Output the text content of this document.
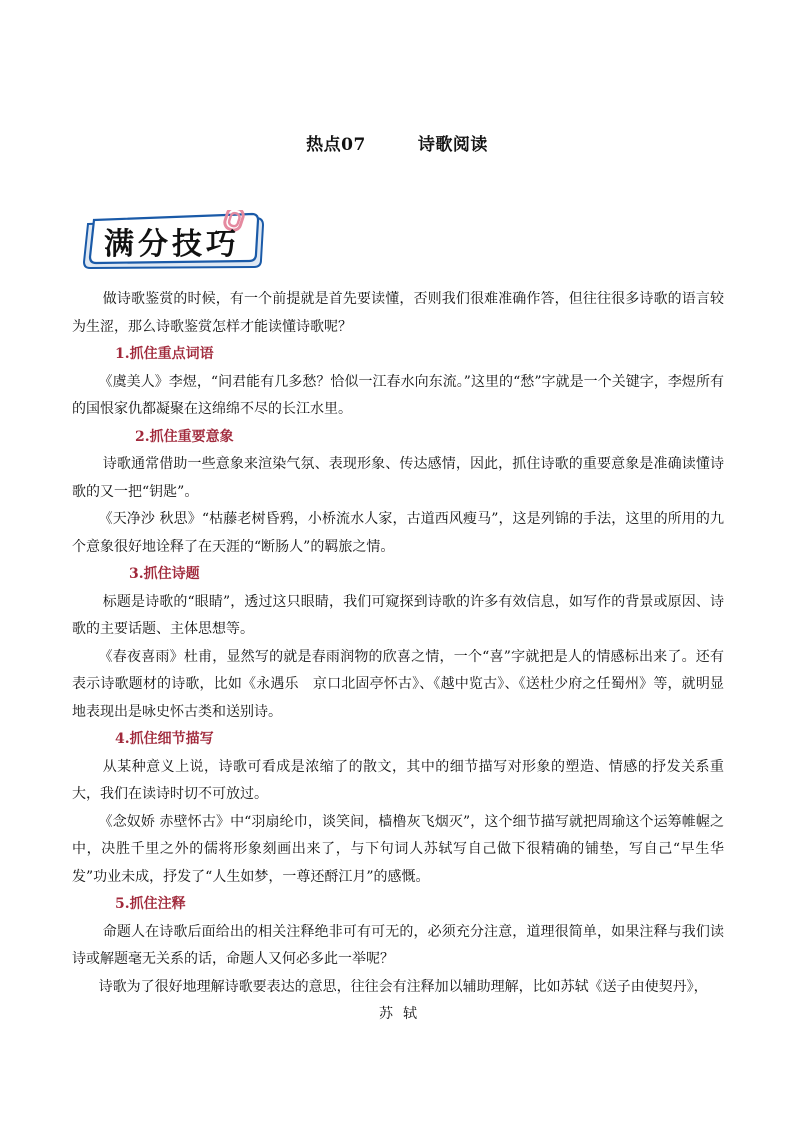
热点07	诗歌阅读
满分技巧

做诗歌鉴赏的时候，有一个前提就是首先要读懂，否则我们很难准确作答，但往往很多诗歌的语言较为生涩，那么诗歌鉴赏怎样才能读懂诗歌呢？

1.抓住重点词语

《虞美人》李煜，“问君能有几多愁？恰似一江春水向东流。”这里的“愁”字就是一个关键字，李煜所有的国恨家仇都凝聚在这绵绵不尽的长江水里。

2.抓住重要意象

诗歌通常借助一些意象来渲染气氛、表现形象、传达感情，因此，抓住诗歌的重要意象是准确读懂诗歌的又一把“钥匙”。

《天净沙 秋思》“枯藤老树昏鸦，小桥流水人家，古道西风瘦马”，这是列锦的手法，这里的所用的九个意象很好地诠释了在天涯的“断肠人”的羁旅之情。

3.抓住诗题

标题是诗歌的“眼睛”，透过这只眼睛，我们可窥探到诗歌的许多有效信息，如写作的背景或原因、诗歌的主要话题、主体思想等。

《春夜喜雨》杜甫，显然写的就是春雨润物的欣喜之情，一个“喜”字就把是人的情感标出来了。还有表示诗歌题材的诗歌，比如《永遇乐　京口北固亭怀古》、《越中览古》、《送杜少府之任蜀州》等，就明显地表现出是咏史怀古类和送别诗。

4.抓住细节描写

从某种意义上说，诗歌可看成是浓缩了的散文，其中的细节描写对形象的塑造、情感的抒发关系重大，我们在读诗时切不可放过。

《念奴娇 赤壁怀古》中“羽扇纶巾，谈笑间，樯橹灰飞烟灭”，这个细节描写就把周瑜这个运筹帷幄之中，决胜千里之外的儒将形象刻画出来了，与下句词人苏轼写自己做下很精确的铺垫，写自己“早生华发”功业未成，抒发了“人生如梦，一尊还酹江月”的感慨。

5.抓住注释

命题人在诗歌后面给出的相关注释绝非可有可无的，必须充分注意，道理很简单，如果注释与我们读诗或解题毫无关系的话，命题人又何必多此一举呢？

诗歌为了很好地理解诗歌要表达的意思，往往会有注释加以辅助理解，比如苏轼《送子由使契丹》，

苏轼
